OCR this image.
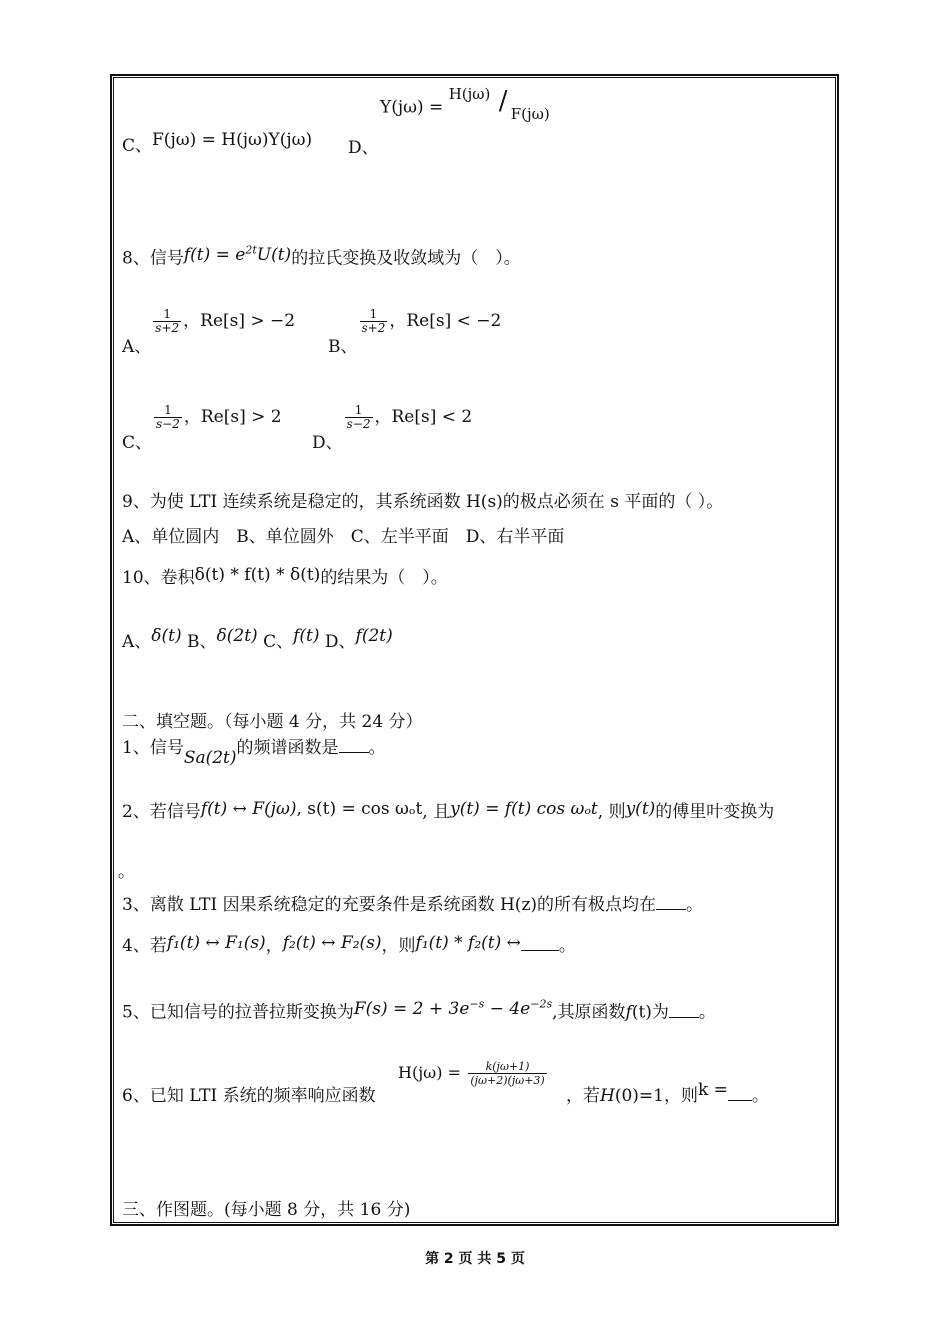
Y(jω) =
H(jω) / F(jω)
C、F(jω) = H(jω)Y(jω) D、
8、信号$f(t) = e^{2t}U(t)$的拉氏变换及收敛域为（　）。
A、
$\frac{1}{s+2}$ ，Re[s] > −2
B、
$\frac{1}{s+2}$ ，Re[s] < −2
C、
$\frac{1}{s-2}$ ，Re[s] > 2
D、
$\frac{1}{s-2}$ ，Re[s] < 2
9、为使 LTI 连续系统是稳定的，其系统函数 H(s)的极点必须在 s 平面的（ ）。
A、单位圆内　B、单位圆外　C、左半平面　D、右半平面
10、卷积δ(t) * f(t) * δ(t)的结果为（　）。
A、δ(t) B、δ(2t) C、f(t) D、f(2t)
二、填空题。（每小题 4 分，共 24 分）
1、信号Sa(2t)的频谱函数是 。
2、若信号f(t) ↔ F(jω), s(t) = cos ωₒt, 且y(t) = f(t) cos ωₒt, 则y(t)的傅里叶变换为
。
3、离散 LTI 因果系统稳定的充要条件是系统函数 H(z)的所有极点均在 。
4、若f₁(t) ↔ F₁(s)，f₂(t) ↔ F₂(s)，则f₁(t) * f₂(t) ↔ 。
5、已知信号的拉普拉斯变换为$F(s) = 2 + 3e^{-s} - 4e^{-2s}$,其原函数f(t)为 。
6、已知 LTI 系统的频率响应函数
$H(j\omega) = \frac{k(j\omega+1)}{(j\omega+2)(j\omega+3)}$
，若H(0)=1，则k = 。
三、作图题。(每小题 8 分，共 16 分)
第 2 页 共 5 页
